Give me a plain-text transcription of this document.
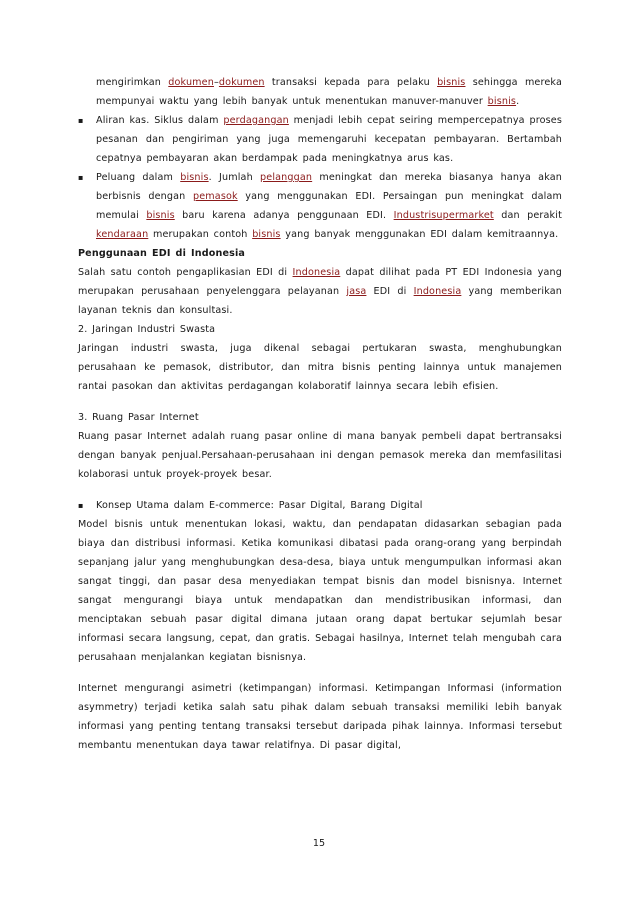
mengirimkan dokumen–dokumen transaksi kepada para pelaku bisnis sehingga mereka mempunyai waktu yang lebih banyak untuk menentukan manuver-manuver bisnis.

▪ Aliran kas. Siklus dalam perdagangan menjadi lebih cepat seiring mempercepatnya proses pesanan dan pengiriman yang juga memengaruhi kecepatan pembayaran. Bertambah cepatnya pembayaran akan berdampak pada meningkatnya arus kas.

▪ Peluang dalam bisnis. Jumlah pelanggan meningkat dan mereka biasanya hanya akan berbisnis dengan pemasok yang menggunakan EDI. Persaingan pun meningkat dalam memulai bisnis baru karena adanya penggunaan EDI. Industrisupermarket dan perakit kendaraan merupakan contoh bisnis yang banyak menggunakan EDI dalam kemitraannya.

Penggunaan EDI di Indonesia

Salah satu contoh pengaplikasian EDI di Indonesia dapat dilihat pada PT EDI Indonesia yang merupakan perusahaan penyelenggara pelayanan jasa EDI di Indonesia yang memberikan layanan teknis dan konsultasi.

2. Jaringan Industri Swasta

Jaringan industri swasta, juga dikenal sebagai pertukaran swasta, menghubungkan perusahaan ke pemasok, distributor, dan mitra bisnis penting lainnya untuk manajemen rantai pasokan dan aktivitas perdagangan kolaboratif lainnya secara lebih efisien.

3. Ruang Pasar Internet

Ruang pasar Internet adalah ruang pasar online di mana banyak pembeli dapat bertransaksi dengan banyak penjual.Persahaan-perusahaan ini dengan pemasok mereka dan memfasilitasi kolaborasi untuk proyek-proyek besar.

▪ Konsep Utama dalam E-commerce: Pasar Digital, Barang Digital

Model bisnis untuk menentukan lokasi, waktu, dan pendapatan didasarkan sebagian pada biaya dan distribusi informasi. Ketika komunikasi dibatasi pada orang-orang yang berpindah sepanjang jalur yang menghubungkan desa-desa, biaya untuk mengumpulkan informasi akan sangat tinggi, dan pasar desa menyediakan tempat bisnis dan model bisnisnya. Internet sangat mengurangi biaya untuk mendapatkan dan mendistribusikan informasi, dan menciptakan sebuah pasar digital dimana jutaan orang dapat bertukar sejumlah besar informasi secara langsung, cepat, dan gratis. Sebagai hasilnya, Internet telah mengubah cara perusahaan menjalankan kegiatan bisnisnya.

Internet mengurangi asimetri (ketimpangan) informasi. Ketimpangan Informasi (information asymmetry) terjadi ketika salah satu pihak dalam sebuah transaksi memiliki lebih banyak informasi yang penting tentang transaksi tersebut daripada pihak lainnya. Informasi tersebut membantu menentukan daya tawar relatifnya. Di pasar digital,

15
